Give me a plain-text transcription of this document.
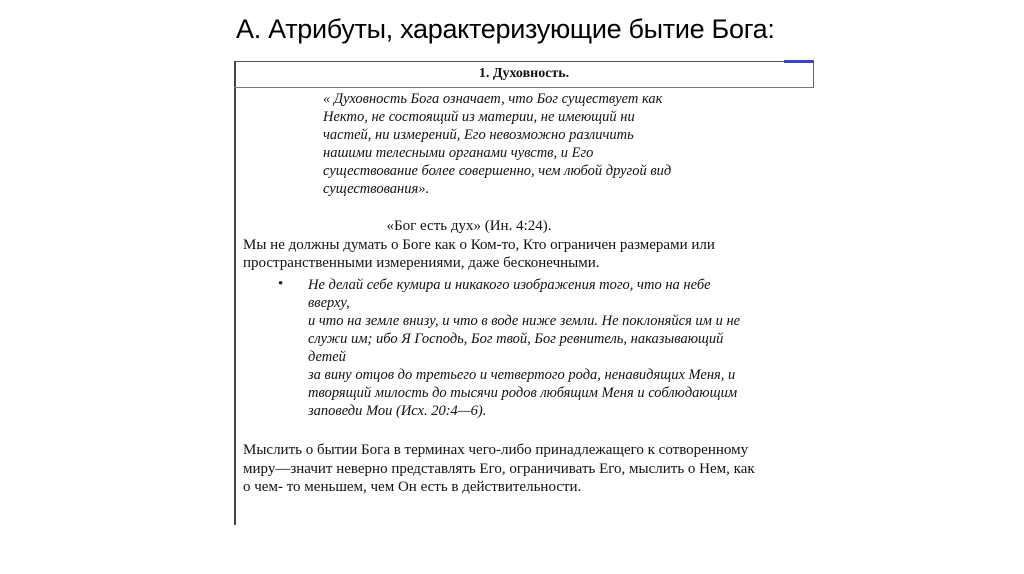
А. Атрибуты, характеризующие бытие Бога:
1. Духовность.
« Духовность Бога означает, что Бог существует как
Некто, не состоящий из материи, не имеющий ни
частей, ни измерений, Его невозможно различить
нашими телесными органами чувств, и Его
существование более совершенно, чем любой другой вид
существования».
«Бог есть дух» (Ин. 4:24).
Мы не должны думать о Боге как о Ком-то, Кто ограничен размерами или
пространственными измерениями, даже бесконечными.
• Не делай себе кумира и никакого изображения того, что на небе
вверху,
и что на земле внизу, и что в воде ниже земли. Не поклоняйся им и не
служи им; ибо Я Господь, Бог твой, Бог ревнитель, наказывающий
детей
за вину отцов до третьего и четвертого рода, ненавидящих Меня, и
творящий милость до тысячи родов любящим Меня и соблюдающим
заповеди Мои (Исх. 20:4—6).
Мыслить о бытии Бога в терминах чего-либо принадлежащего к сотворенному
миру—значит неверно представлять Его, ограничивать Его, мыслить о Нем, как
о чем- то меньшем, чем Он есть в действительности.
